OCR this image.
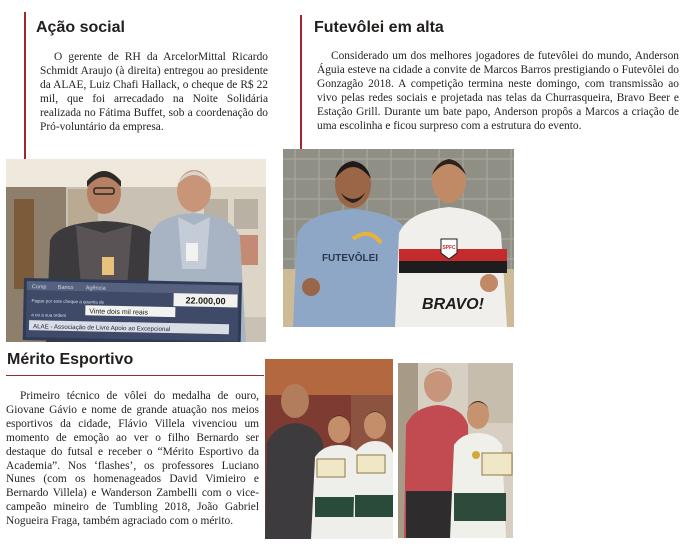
Ação social

O gerente de RH da ArcelorMittal Ricardo Schmidt Araujo (à direita) entregou ao presidente da ALAE, Luiz Chafi Hallack, o cheque de R$ 22 mil, que foi arrecadado na Noite Solidária realizada no Fátima Buffet, sob a coordenação do Pró-voluntário da empresa.

Comp Banco Agência
22.000,00
Pague por este cheque a quantia de
Vinte dois mil reais
a ou à sua ordem
ALAE - Associação de Livre Apoio ao Excepcional
Futevôlei em alta

Considerado um dos melhores jogadores de futevôlei do mundo, Anderson Águia esteve na cidade a convite de Marcos Barros prestigiando o Futevôlei do Gonzagão 2018. A competição termina neste domingo, com transmissão ao vivo pelas redes sociais e projetada nas telas da Churrasqueira, Bravo Beer e Estação Grill. Durante um bate papo, Anderson propôs a Marcos a criação de uma escolinha e ficou surpreso com a estrutura do evento.

FUTEVÔLEI
SPFC
BRAVO!
Mérito Esportivo

Primeiro técnico de vôlei do medalha de ouro, Giovane Gávio e nome de grande atuação nos meios esportivos da cidade, Flávio Villela vivenciou um momento de emoção ao ver o filho Bernardo ser destaque do futsal e receber o “Mérito Esportivo da Academia”. Nos ‘flashes’, os professores Luciano Nunes (com os homenageados David Vimieiro e Bernardo Villela) e Wanderson Zambelli com o vice-campeão mineiro de Tumbling 2018, João Gabriel Nogueira Fraga, também agraciado com o mérito.
